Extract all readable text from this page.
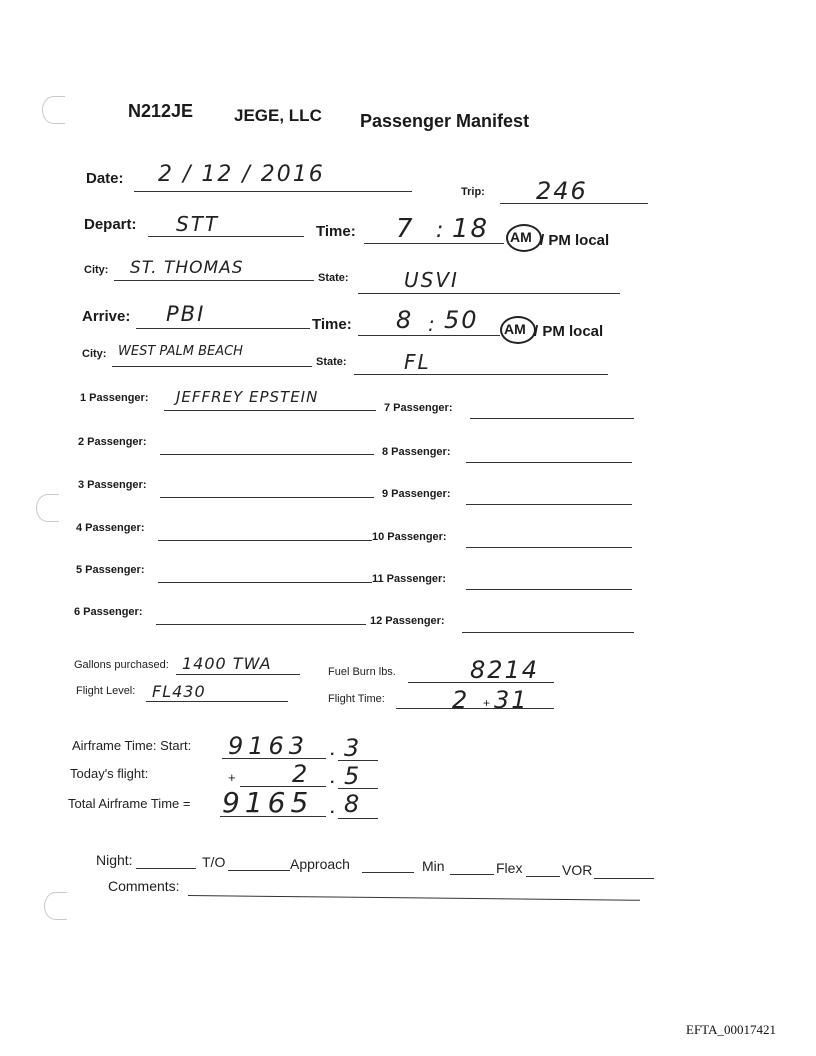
N212JE JEGE, LLC Passenger Manifest
Date: 2 / 12 / 2016
Trip: 246
Depart: STT	Time: 7 : 18 AM / PM local
City: ST. THOMAS	State:	USVI
Arrive: PBI	Time: 8 : 50 AM / PM local
City: WEST PALM BEACH
State:	FL
1 Passenger: JEFFREY EPSTEIN
2 Passenger:
3 Passenger:
4 Passenger:
5 Passenger:
6 Passenger:
7 Passenger:
8 Passenger:
9 Passenger:
10 Passenger:
11 Passenger:
12 Passenger:
Gallons purchased: 1400 TWA	Fuel Burn lbs.	8214
Flight Level: FL430	Flight Time:	2 + 31
Airframe Time: Start: 9163 . 3
Today's flight:	+ 2 . 5
Total Airframe Time = 9165 . 8
Night:	T/O	Approach	Min	Flex	VOR
Comments:
EFTA_00017421
